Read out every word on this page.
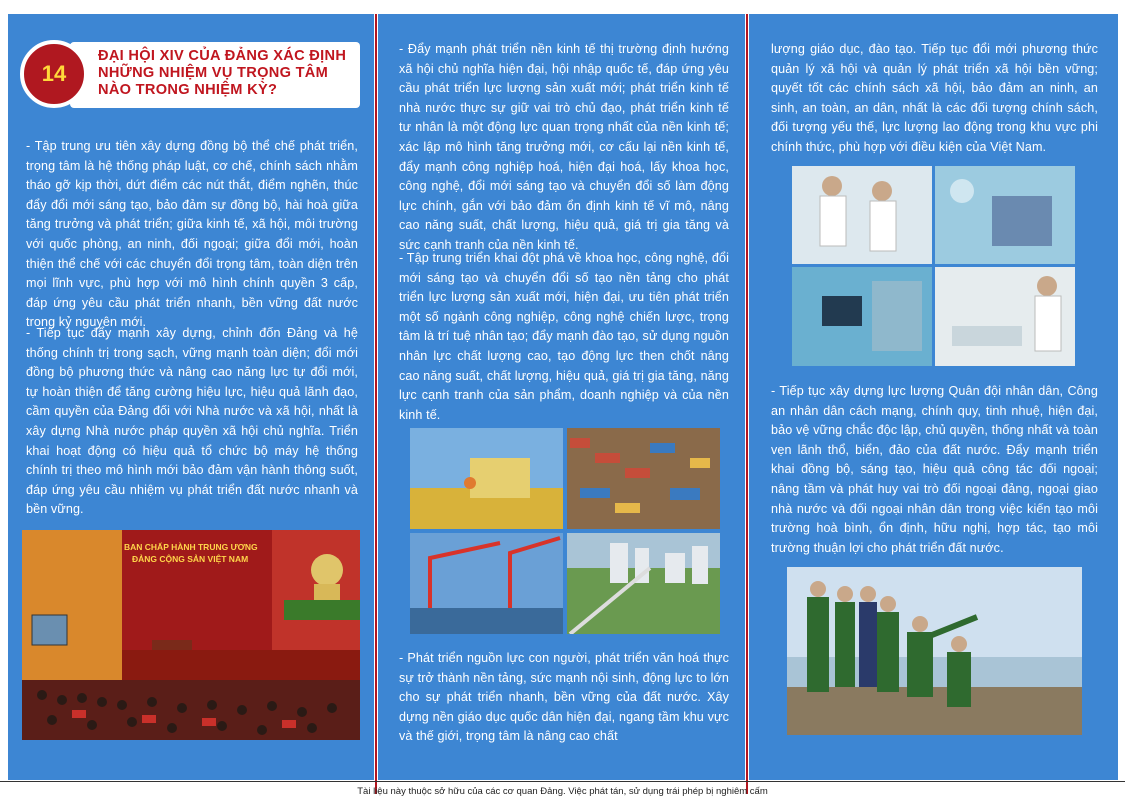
14
ĐẠI HỘI XIV CỦA ĐẢNG XÁC ĐỊNH NHỮNG NHIỆM VỤ TRỌNG TÂM NÀO TRONG NHIỆM KỲ?

- Tập trung ưu tiên xây dựng đồng bộ thể chế phát triển, trọng tâm là hệ thống pháp luật, cơ chế, chính sách nhằm tháo gỡ kịp thời, dứt điểm các nút thắt, điểm nghẽn, thúc đẩy đổi mới sáng tạo, bảo đảm sự đồng bộ, hài hoà giữa tăng trưởng và phát triển; giữa kinh tế, xã hội, môi trường với quốc phòng, an ninh, đối ngoại; giữa đổi mới, hoàn thiện thể chế với các chuyển đổi trọng tâm, toàn diện trên mọi lĩnh vực, phù hợp với mô hình chính quyền 3 cấp, đáp ứng yêu cầu phát triển nhanh, bền vững đất nước trong kỷ nguyên mới.

- Tiếp tục đẩy mạnh xây dựng, chỉnh đốn Đảng và hệ thống chính trị trong sạch, vững mạnh toàn diện; đổi mới đồng bộ phương thức và nâng cao năng lực tự đổi mới, tự hoàn thiện để tăng cường hiệu lực, hiệu quả lãnh đạo, cầm quyền của Đảng đối với Nhà nước và xã hội, nhất là xây dựng Nhà nước pháp quyền xã hội chủ nghĩa. Triển khai hoạt động có hiệu quả tổ chức bộ máy hệ thống chính trị theo mô hình mới bảo đảm vận hành thông suốt, đáp ứng yêu cầu nhiệm vụ phát triển đất nước nhanh và bền vững.

BAN CHẤP HÀNH TRUNG ƯƠNG
ĐẢNG CỘNG SẢN VIỆT NAM

- Đẩy mạnh phát triển nền kinh tế thị trường định hướng xã hội chủ nghĩa hiện đại, hội nhập quốc tế, đáp ứng yêu cầu phát triển lực lượng sản xuất mới; phát triển kinh tế nhà nước thực sự giữ vai trò chủ đạo, phát triển kinh tế tư nhân là một động lực quan trọng nhất của nền kinh tế; xác lập mô hình tăng trưởng mới, cơ cấu lại nền kinh tế, đẩy mạnh công nghiệp hoá, hiện đại hoá, lấy khoa học, công nghệ, đổi mới sáng tạo và chuyển đổi số làm động lực chính, gắn với bảo đảm ổn định kinh tế vĩ mô, nâng cao năng suất, chất lượng, hiệu quả, giá trị gia tăng và sức cạnh tranh của nền kinh tế.

- Tập trung triển khai đột phá về khoa học, công nghệ, đổi mới sáng tạo và chuyển đổi số tạo nền tảng cho phát triển lực lượng sản xuất mới, hiện đại, ưu tiên phát triển một số ngành công nghiệp, công nghệ chiến lược, trọng tâm là trí tuệ nhân tạo; đẩy mạnh đào tạo, sử dụng nguồn nhân lực chất lượng cao, tạo động lực then chốt nâng cao năng suất, chất lượng, hiệu quả, giá trị gia tăng, năng lực cạnh tranh của sản phẩm, doanh nghiệp và của nền kinh tế.

- Phát triển nguồn lực con người, phát triển văn hoá thực sự trở thành nền tảng, sức mạnh nội sinh, động lực to lớn cho sự phát triển nhanh, bền vững của đất nước. Xây dựng nền giáo dục quốc dân hiện đại, ngang tầm khu vực và thế giới, trọng tâm là nâng cao chất

lượng giáo dục, đào tạo. Tiếp tục đổi mới phương thức quản lý xã hội và quản lý phát triển xã hội bền vững; quyết tốt các chính sách xã hội, bảo đảm an ninh, an sinh, an toàn, an dân, nhất là các đối tượng chính sách, đối tượng yếu thế, lực lượng lao động trong khu vực phi chính thức, phù hợp với điều kiện của Việt Nam.

- Tiếp tục xây dựng lực lượng Quân đội nhân dân, Công an nhân dân cách mạng, chính quy, tinh nhuệ, hiện đại, bảo vệ vững chắc độc lập, chủ quyền, thống nhất và toàn vẹn lãnh thổ, biển, đảo của đất nước. Đẩy mạnh triển khai đồng bộ, sáng tạo, hiệu quả công tác đối ngoại; nâng tầm và phát huy vai trò đối ngoại đảng, ngoại giao nhà nước và đối ngoại nhân dân trong việc kiến tạo môi trường hoà bình, ổn định, hữu nghị, hợp tác, tạo môi trường thuận lợi cho phát triển đất nước.

Tài liệu này thuộc sở hữu của các cơ quan Đảng. Việc phát tán, sử dụng trái phép bị nghiêm cấm
